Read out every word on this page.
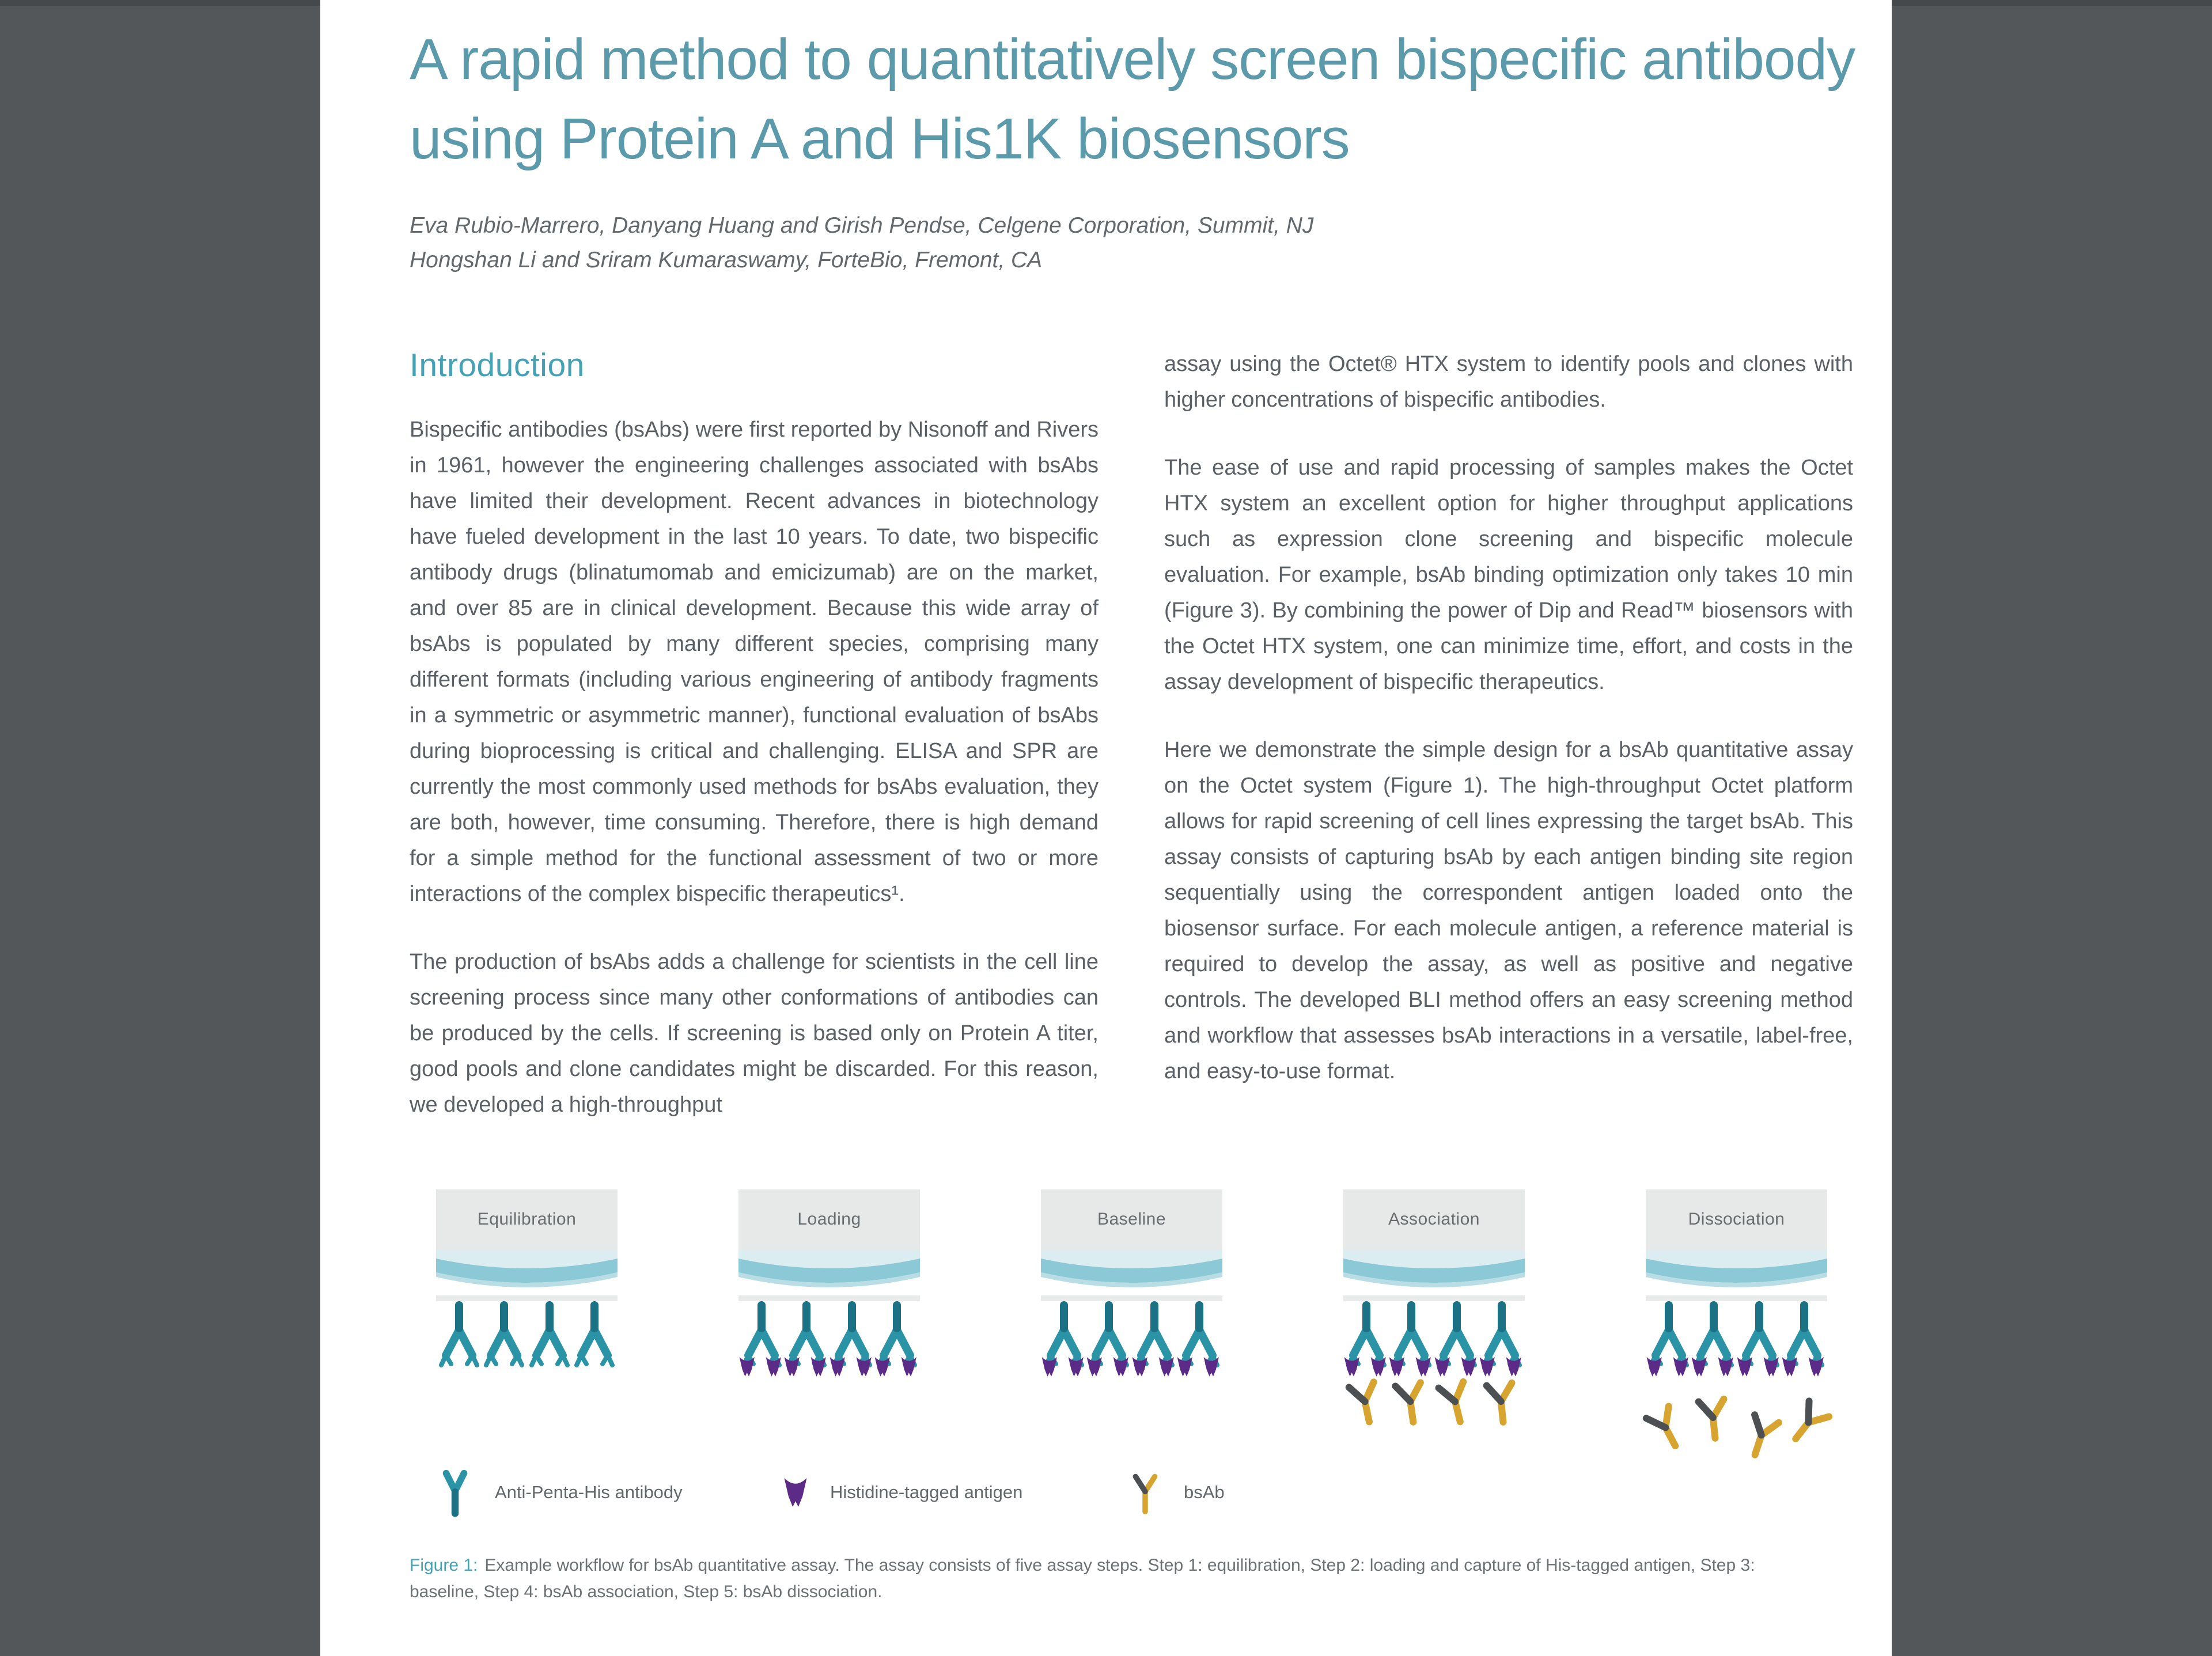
A rapid method to quantitatively screen bispecific antibody using Protein A and His1K biosensors
Eva Rubio-Marrero, Danyang Huang and Girish Pendse, Celgene Corporation, Summit, NJ
Hongshan Li and Sriram Kumaraswamy, ForteBio, Fremont, CA
Introduction

Bispecific antibodies (bsAbs) were first reported by Nisonoff and Rivers in 1961, however the engineering challenges associated with bsAbs have limited their development. Recent advances in biotechnology have fueled development in the last 10 years. To date, two bispecific antibody drugs (blinatumomab and emicizumab) are on the market, and over 85 are in clinical development. Because this wide array of bsAbs is populated by many different species, comprising many different formats (including various engineering of antibody fragments in a symmetric or asymmetric manner), functional evaluation of bsAbs during bioprocessing is critical and challenging. ELISA and SPR are currently the most commonly used methods for bsAbs evaluation, they are both, however, time consuming. Therefore, there is high demand for a simple method for the functional assessment of two or more interactions of the complex bispecific therapeutics¹.

The production of bsAbs adds a challenge for scientists in the cell line screening process since many other conformations of antibodies can be produced by the cells. If screening is based only on Protein A titer, good pools and clone candidates might be discarded. For this reason, we developed a high-throughput

assay using the Octet® HTX system to identify pools and clones with higher concentrations of bispecific antibodies.

The ease of use and rapid processing of samples makes the Octet HTX system an excellent option for higher throughput applications such as expression clone screening and bispecific molecule evaluation. For example, bsAb binding optimization only takes 10 min (Figure 3). By combining the power of Dip and Read™ biosensors with the Octet HTX system, one can minimize time, effort, and costs in the assay development of bispecific therapeutics.

Here we demonstrate the simple design for a bsAb quantitative assay on the Octet system (Figure 1). The high-throughput Octet platform allows for rapid screening of cell lines expressing the target bsAb. This assay consists of capturing bsAb by each antigen binding site region sequentially using the correspondent antigen loaded onto the biosensor surface. For each molecule antigen, a reference material is required to develop the assay, as well as positive and negative controls. The developed BLI method offers an easy screening method and workflow that assesses bsAb interactions in a versatile, label-free, and easy-to-use format.

Equilibration	Loading	Baseline	Association	Dissociation
Anti-Penta-His antibody	Histidine-tagged antigen	bsAb

Figure 1: Example workflow for bsAb quantitative assay. The assay consists of five assay steps. Step 1: equilibration, Step 2: loading and capture of His-tagged antigen, Step 3: baseline, Step 4: bsAb association, Step 5: bsAb dissociation.
